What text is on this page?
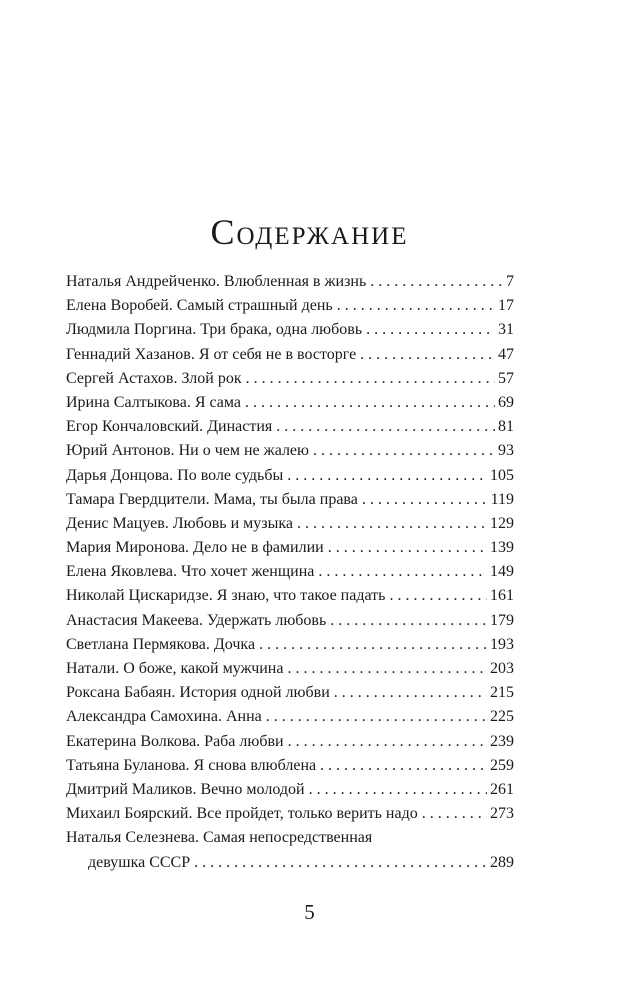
Содержание
Наталья Андрейченко. Влюбленная в жизнь . . .	7
Елена Воробей. Самый страшный день . . .	17
Людмила Поргина. Три брака, одна любовь . . .	31
Геннадий Хазанов. Я от себя не в восторге . . .	47
Сергей Астахов. Злой рок . . .	57
Ирина Салтыкова. Я сама . . .	69
Егор Кончаловский. Династия . . .	81
Юрий Антонов. Ни о чем не жалею . . .	93
Дарья Донцова. По воле судьбы . . .	105
Тамара Гвердцители. Мама, ты была права . . .	119
Денис Мацуев. Любовь и музыка . . .	129
Мария Миронова. Дело не в фамилии . . .	139
Елена Яковлева. Что хочет женщина . . .	149
Николай Цискаридзе. Я знаю, что такое падать . . .	161
Анастасия Макеева. Удержать любовь . . .	179
Светлана Пермякова. Дочка . . .	193
Натали. О боже, какой мужчина . . .	203
Роксана Бабаян. История одной любви . . .	215
Александра Самохина. Анна . . .	225
Екатерина Волкова. Раба любви . . .	239
Татьяна Буланова. Я снова влюблена . . .	259
Дмитрий Маликов. Вечно молодой . . .	261
Михаил Боярский. Все пройдет, только верить надо . . .	273
Наталья Селезнева. Самая непосредственная
девушка СССР . . .	289
5
